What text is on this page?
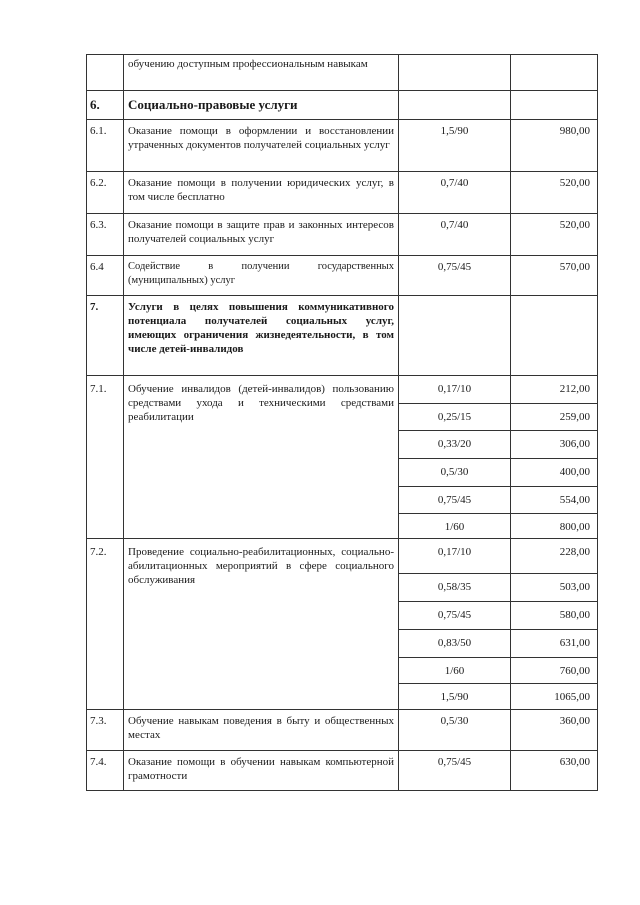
	обучению доступным профессиональным навыкам		
6.	Социально-правовые услуги		
6.1.	Оказание помощи в оформлении и восстановлении утраченных документов получателей социальных услуг	1,5/90	980,00
6.2.	Оказание помощи в получении юридических услуг, в том числе бесплатно	0,7/40	520,00
6.3.	Оказание помощи в защите прав и законных интересов получателей социальных услуг	0,7/40	520,00
6.4	Содействие в получении государственных (муниципальных) услуг	0,75/45	570,00
7.	Услуги в целях повышения коммуникативного потенциала получателей социальных услуг, имеющих ограничения жизнедеятельности, в том числе детей-инвалидов		
7.1.	Обучение инвалидов (детей-инвалидов) пользованию средствами ухода и техническими средствами реабилитации	0,17/10	212,00
		0,25/15	259,00
		0,33/20	306,00
		0,5/30	400,00
		0,75/45	554,00
		1/60	800,00
7.2.	Проведение социально-реабилитационных, социально-абилитационных мероприятий в сфере социального обслуживания	0,17/10	228,00
		0,58/35	503,00
		0,75/45	580,00
		0,83/50	631,00
		1/60	760,00
		1,5/90	1065,00
7.3.	Обучение навыкам поведения в быту и общественных местах	0,5/30	360,00
7.4.	Оказание помощи в обучении навыкам компьютерной грамотности	0,75/45	630,00
